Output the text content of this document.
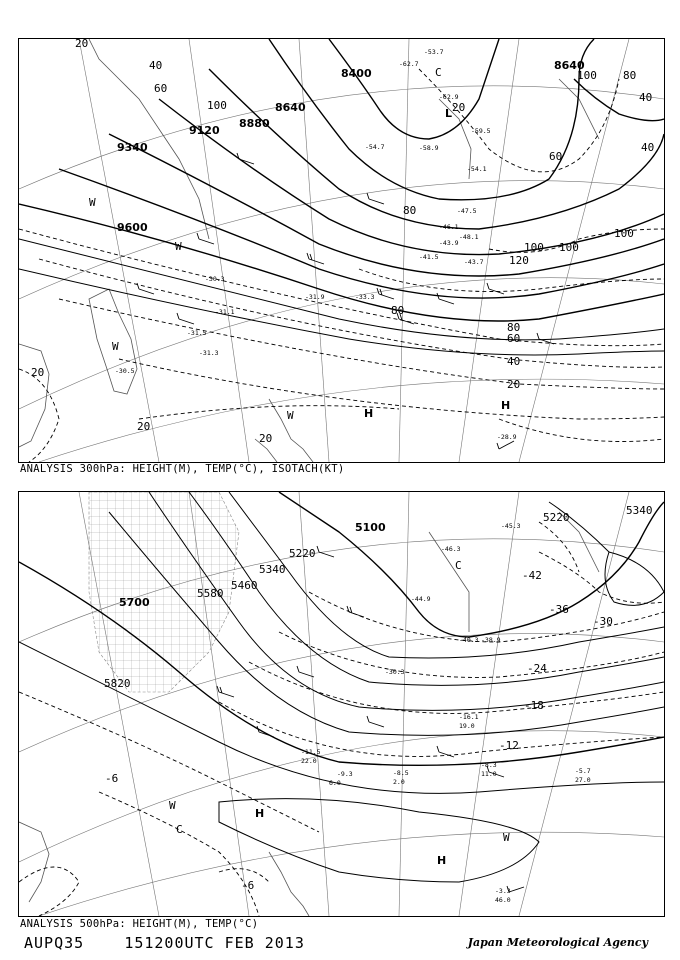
9600
9340
9120
8880
8640
8400
8640
20
40
60
80
100
120
100
80
60
40
20
20
20
20
20
80
100
100
60
40
80
100
40
H
H
L
C
W
W
W
W
-31.9
-30.3
-31.1
-31.5
-33.3
-31.3
-30.5
-28.9
-41.5
-43.9
-43.7
-46.1
-48.1
-47.5
-54.1
-58.9
-59.5
-62.9
-62.7
-53.7
-54.7
ANALYSIS 300hPa: HEIGHT(M), TEMP(°C), ISOTACH(KT)
5820
5700
5580
5460
5340
5220
5100
5220
5340
-6
-6
-12
-18
-24
-30
-36
-42
H
H
C
C
W
W
-3.3
46.0
-5.7
27.0
-8.3
11.0
-8.5
2.0
-9.3
6.0
-11.5
22.0
-16.1
19.0
-30.3
-45.3
-46.3
-44.9
-40.3 -38.9
ANALYSIS 500hPa: HEIGHT(M), TEMP(°C)
AUPQ35	151200UTC FEB 2013	Japan Meteorological Agency
